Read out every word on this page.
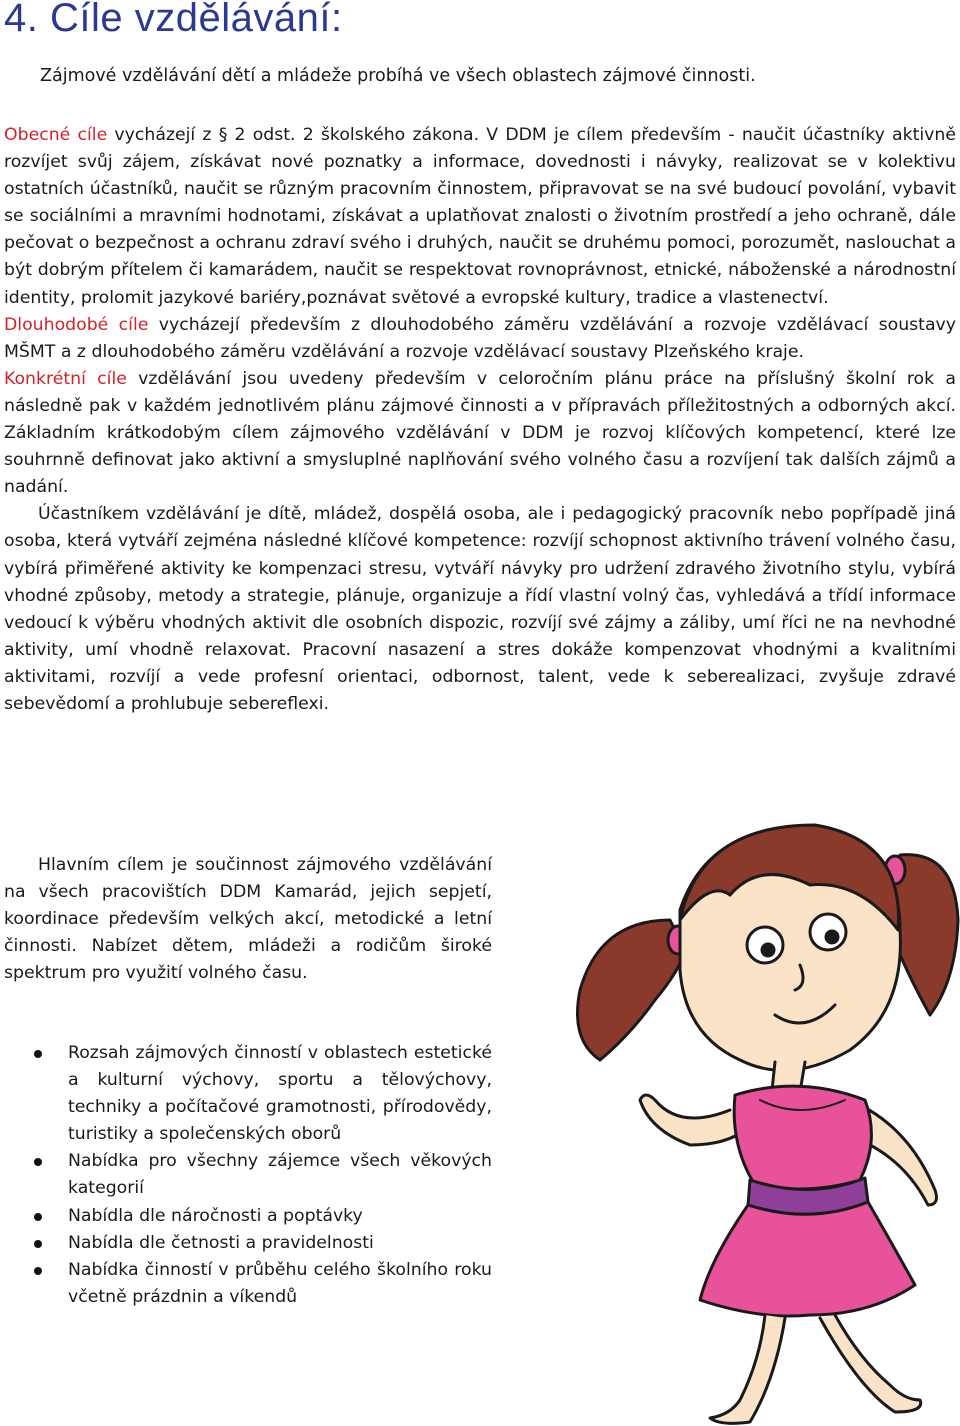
4. Cíle vzdělávání:

Zájmové vzdělávání dětí a mládeže probíhá ve všech oblastech zájmové činnosti.

Obecné cíle vycházejí z § 2 odst. 2 školského zákona. V DDM je cílem především - naučit účastníky aktivně rozvíjet svůj zájem, získávat nové poznatky a informace, dovednosti i návyky, realizovat se v kolektivu ostatních účastníků, naučit se různým pracovním činnostem, připravovat se na své budoucí povolání, vybavit se sociálními a mravními hodnotami, získávat a uplatňovat znalosti o životním prostředí a jeho ochraně, dále pečovat o bezpečnost a ochranu zdraví svého i druhých, naučit se druhému pomoci, porozumět, naslouchat a být dobrým přítelem či kamarádem, naučit se respektovat rovnoprávnost, etnické, náboženské a národnostní identity, prolomit jazykové bariéry,poznávat světové a evropské kultury, tradice a vlastenectví.

Dlouhodobé cíle vycházejí především z dlouhodobého záměru vzdělávání a rozvoje vzdělávací soustavy MŠMT a z dlouhodobého záměru vzdělávání a rozvoje vzdělávací soustavy Plzeňského kraje.

Konkrétní cíle vzdělávání jsou uvedeny především v celoročním plánu práce na příslušný školní rok a následně pak v každém jednotlivém plánu zájmové činnosti a v přípravách příležitostných a odborných akcí. Základním krátkodobým cílem zájmového vzdělávání v DDM je rozvoj klíčových kompetencí, které lze souhrnně definovat jako aktivní a smysluplné naplňování svého volného času a rozvíjení tak dalších zájmů a nadání.

Účastníkem vzdělávání je dítě, mládež, dospělá osoba, ale i pedagogický pracovník nebo popřípadě jiná osoba, která vytváří zejména následné klíčové kompetence: rozvíjí schopnost aktivního trávení volného času, vybírá přiměřené aktivity ke kompenzaci stresu, vytváří návyky pro udržení zdravého životního stylu, vybírá vhodné způsoby, metody a strategie, plánuje, organizuje a řídí vlastní volný čas, vyhledává a třídí informace vedoucí k výběru vhodných aktivit dle osobních dispozic, rozvíjí své zájmy a záliby, umí říci ne na nevhodné aktivity, umí vhodně relaxovat. Pracovní nasazení a stres dokáže kompenzovat vhodnými a kvalitními aktivitami, rozvíjí a vede profesní orientaci, odbornost, talent, vede k seberealizaci, zvyšuje zdravé sebevědomí a prohlubuje sebereflexi.

Hlavním cílem je součinnost zájmového vzdělávání na všech pracovištích DDM Kamarád, jejich sepjetí, koordinace především velkých akcí, metodické a letní činnosti. Nabízet dětem, mládeži a rodičům široké spektrum pro využití volného času.

Rozsah zájmových činností v oblastech estetické a kulturní výchovy, sportu a tělovýchovy, techniky a počítačové gramotnosti, přírodovědy, turistiky a společenských oborů
Nabídka pro všechny zájemce všech věkových kategorií
Nabídla dle náročnosti a poptávky
Nabídla dle četnosti a pravidelnosti
Nabídka činností v průběhu celého školního roku včetně prázdnin a víkendů
